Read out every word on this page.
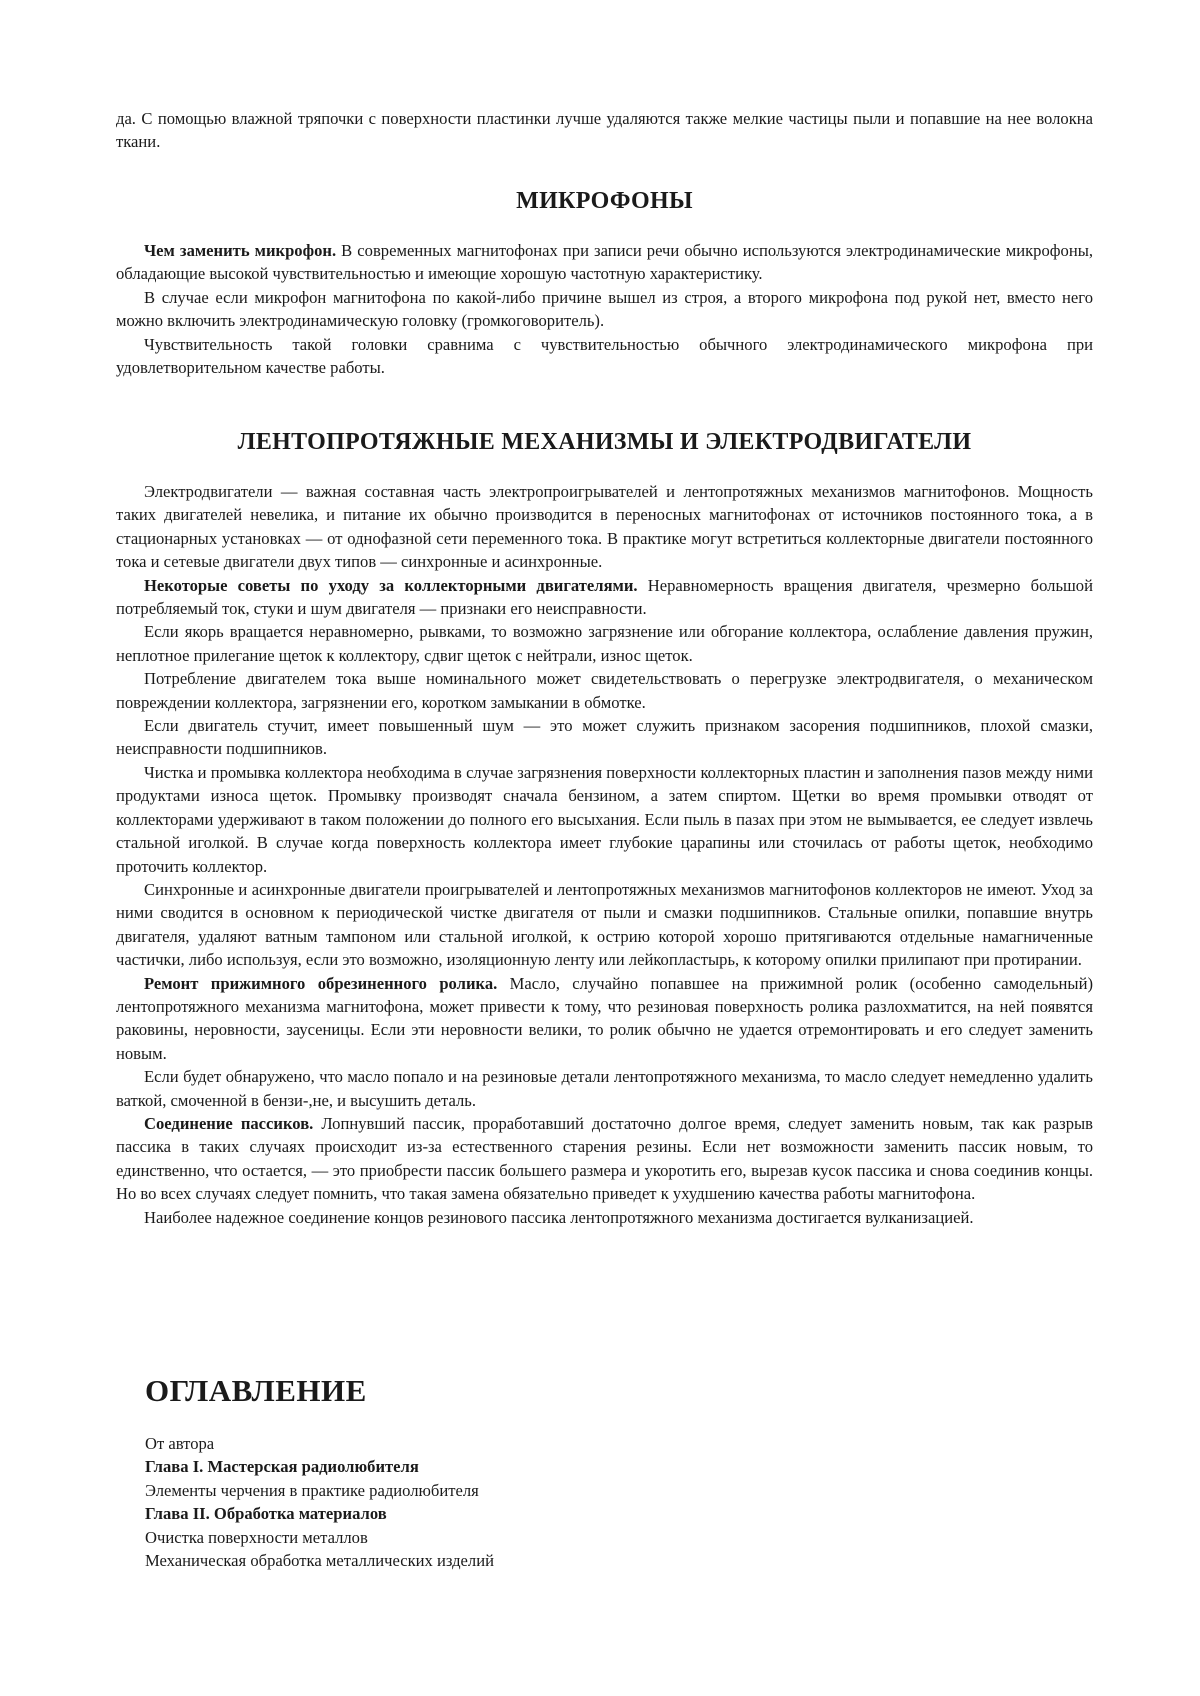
да. С помощью влажной тряпочки с поверхности пластинки лучше удаляются также мелкие частицы пыли и попавшие на нее волокна ткани.

МИКРОФОНЫ

Чем заменить микрофон. В современных магнитофонах при записи речи обычно используются электродинамические микрофоны, обладающие высокой чувствительностью и имеющие хорошую частотную характеристику.

В случае если микрофон магнитофона по какой-либо причине вышел из строя, а второго микрофона под рукой нет, вместо него можно включить электродинамическую головку (громкоговоритель).

Чувствительность такой головки сравнима с чувствительностью обычного электродинамического микрофона при удовлетворительном качестве работы.

ЛЕНТОПРОТЯЖНЫЕ МЕХАНИЗМЫ И ЭЛЕКТРОДВИГАТЕЛИ

Электродвигатели — важная составная часть электропроигрывателей и лентопротяжных механизмов магнитофонов. Мощность таких двигателей невелика, и питание их обычно производится в переносных магнитофонах от источников постоянного тока, а в стационарных установках — от однофазной сети переменного тока. В практике могут встретиться коллекторные двигатели постоянного тока и сетевые двигатели двух типов — синхронные и асинхронные.

Некоторые советы по уходу за коллекторными двигателями. Неравномерность вращения двигателя, чрезмерно большой потребляемый ток, стуки и шум двигателя — признаки его неисправности.

Если якорь вращается неравномерно, рывками, то возможно загрязнение или обгорание коллектора, ослабление давления пружин, неплотное прилегание щеток к коллектору, сдвиг щеток с нейтрали, износ щеток.

Потребление двигателем тока выше номинального может свидетельствовать о перегрузке электродвигателя, о механическом повреждении коллектора, загрязнении его, коротком замыкании в обмотке.

Если двигатель стучит, имеет повышенный шум — это может служить признаком засорения подшипников, плохой смазки, неисправности подшипников.

Чистка и промывка коллектора необходима в случае загрязнения поверхности коллекторных пластин и заполнения пазов между ними продуктами износа щеток. Промывку производят сначала бензином, а затем спиртом. Щетки во время промывки отводят от коллекторами удерживают в таком положении до полного его высыхания. Если пыль в пазах при этом не вымывается, ее следует извлечь стальной иголкой. В случае когда поверхность коллектора имеет глубокие царапины или сточилась от работы щеток, необходимо проточить коллектор.

Синхронные и асинхронные двигатели проигрывателей и лентопротяжных механизмов магнитофонов коллекторов не имеют. Уход за ними сводится в основном к периодической чистке двигателя от пыли и смазки подшипников. Стальные опилки, попавшие внутрь двигателя, удаляют ватным тампоном или стальной иголкой, к острию которой хорошо притягиваются отдельные намагниченные частички, либо используя, если это возможно, изоляционную ленту или лейкопластырь, к которому опилки прилипают при протирании.

Ремонт прижимного обрезиненного ролика. Масло, случайно попавшее на прижимной ролик (особенно самодельный) лентопротяжного механизма магнитофона, может привести к тому, что резиновая поверхность ролика разлохматится, на ней появятся раковины, неровности, заусеницы. Если эти неровности велики, то ролик обычно не удается отремонтировать и его следует заменить новым.

Если будет обнаружено, что масло попало и на резиновые детали лентопротяжного механизма, то масло следует немедленно удалить ваткой, смоченной в бензи-,не, и высушить деталь.

Соединение пассиков. Лопнувший пассик, проработавший достаточно долгое время, следует заменить новым, так как разрыв пассика в таких случаях происходит из-за естественного старения резины. Если нет возможности заменить пассик новым, то единственно, что остается, — это приобрести пассик большего размера и укоротить его, вырезав кусок пассика и снова соединив концы. Но во всех случаях следует помнить, что такая замена обязательно приведет к ухудшению качества работы магнитофона.

Наиболее надежное соединение концов резинового пассика лентопротяжного механизма достигается вулканизацией.

ОГЛАВЛЕНИЕ
От автора
Глава I. Мастерская радиолюбителя
Элементы черчения в практике радиолюбителя
Глава II. Обработка материалов
Очистка поверхности металлов
Механическая обработка металлических изделий
